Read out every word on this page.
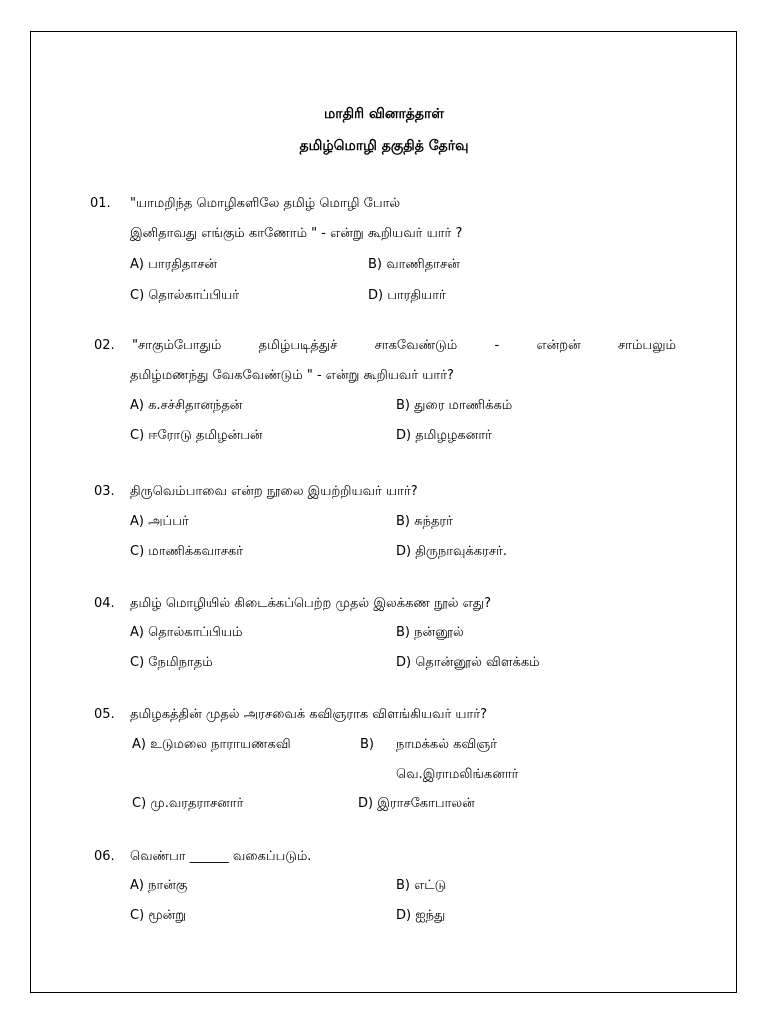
மாதிரி வினாத்தாள்
தமிழ்மொழி தகுதித் தேர்வு
01. "யாமறிந்த மொழிகளிலே தமிழ் மொழி போல்
இனிதாவது எங்கும் காணோம் " - என்று கூறியவர் யார் ?
A) பாரதிதாசன்	B) வாணிதாசன்
C) தொல்காப்பியர்	D) பாரதியார்
02. "சாகும்போதும்	தமிழ்படித்துச்	சாகவேண்டும்	-	என்றன்	சாம்பலும்
தமிழ்மணந்து வேகவேண்டும் " - என்று கூறியவர் யார்?
A) க.சச்சிதானந்தன்	B) துரை மாணிக்கம்
C) ஈரோடு தமிழன்பன்	D) தமிழழகனார்
03. திருவெம்பாவை என்ற நூலை இயற்றியவர் யார்?
A) அப்பர்	B) சுந்தரர்
C) மாணிக்கவாசகர்	D) திருநாவுக்கரசர்.
04. தமிழ் மொழியில் கிடைக்கப்பெற்ற முதல் இலக்கண நூல் எது?
A) தொல்காப்பியம்	B) நன்னூல்
C) நேமிநாதம்	D) தொன்னூல் விளக்கம்
05. தமிழகத்தின் முதல் அரசவைக் கவிஞராக விளங்கியவர் யார்?
A) உடுமலை நாராயணகவி	B) நாமக்கல் கவிஞர்
வெ.இராமலிங்கனார்
C) மு.வரதராசனார்	D) இராசகோபாலன்
06. வெண்பா ______ வகைப்படும்.
A) நான்கு	B) எட்டு
C) மூன்று	D) ஐந்து
